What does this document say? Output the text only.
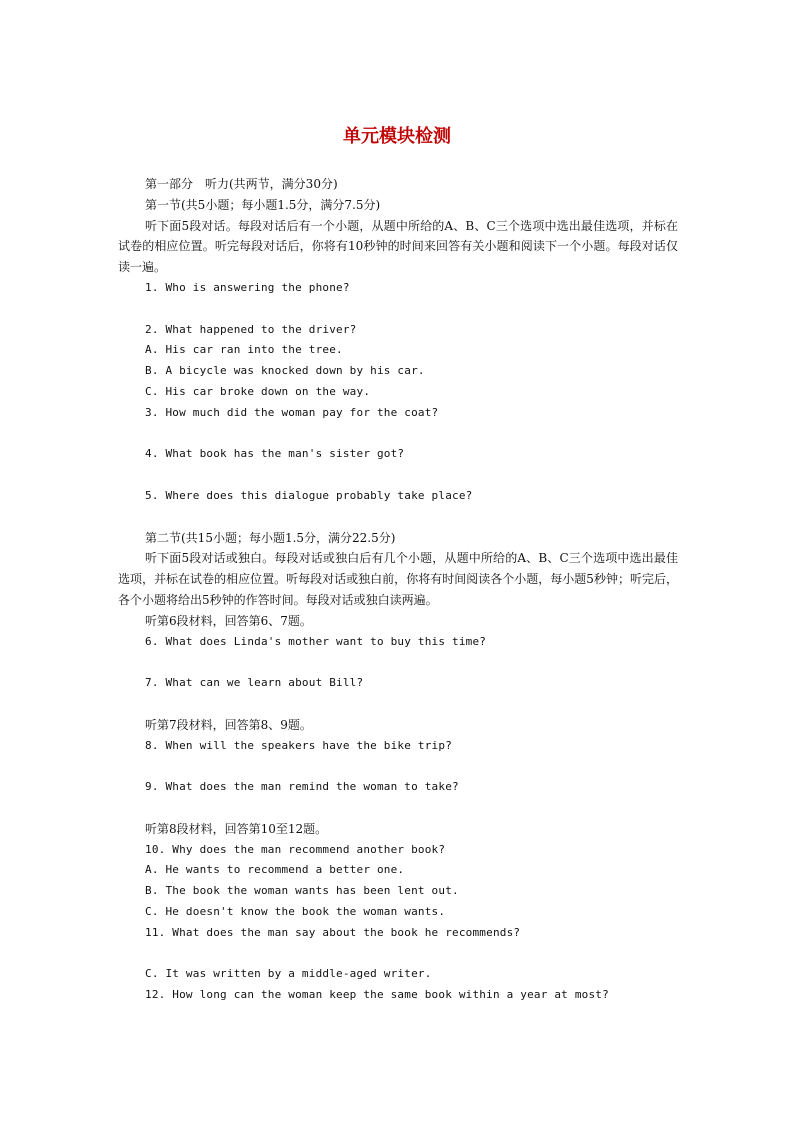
单元模块检测
第一部分　听力(共两节，满分30分)
第一节(共5小题；每小题1.5分，满分7.5分)
听下面5段对话。每段对话后有一个小题，从题中所给的A、B、C三个选项中选出最佳选项，并标在试卷的相应位置。听完每段对话后，你将有10秒钟的时间来回答有关小题和阅读下一个小题。每段对话仅读一遍。
1. Who is answering the phone?

2. What happened to the driver?
A. His car ran into the tree.
B. A bicycle was knocked down by his car.
C. His car broke down on the way.
3. How much did the woman pay for the coat?

4. What book has the man's sister got?

5. Where does this dialogue probably take place?

第二节(共15小题；每小题1.5分，满分22.5分)
听下面5段对话或独白。每段对话或独白后有几个小题，从题中所给的A、B、C三个选项中选出最佳选项，并标在试卷的相应位置。听每段对话或独白前，你将有时间阅读各个小题，每小题5秒钟；听完后，各个小题将给出5秒钟的作答时间。每段对话或独白读两遍。
听第6段材料，回答第6、7题。
6. What does Linda's mother want to buy this time?

7. What can we learn about Bill?

听第7段材料，回答第8、9题。
8. When will the speakers have the bike trip?

9. What does the man remind the woman to take?

听第8段材料，回答第10至12题。
10. Why does the man recommend another book?
A. He wants to recommend a better one.
B. The book the woman wants has been lent out.
C. He doesn't know the book the woman wants.
11. What does the man say about the book he recommends?

C. It was written by a middle-aged writer.
12. How long can the woman keep the same book within a year at most?
